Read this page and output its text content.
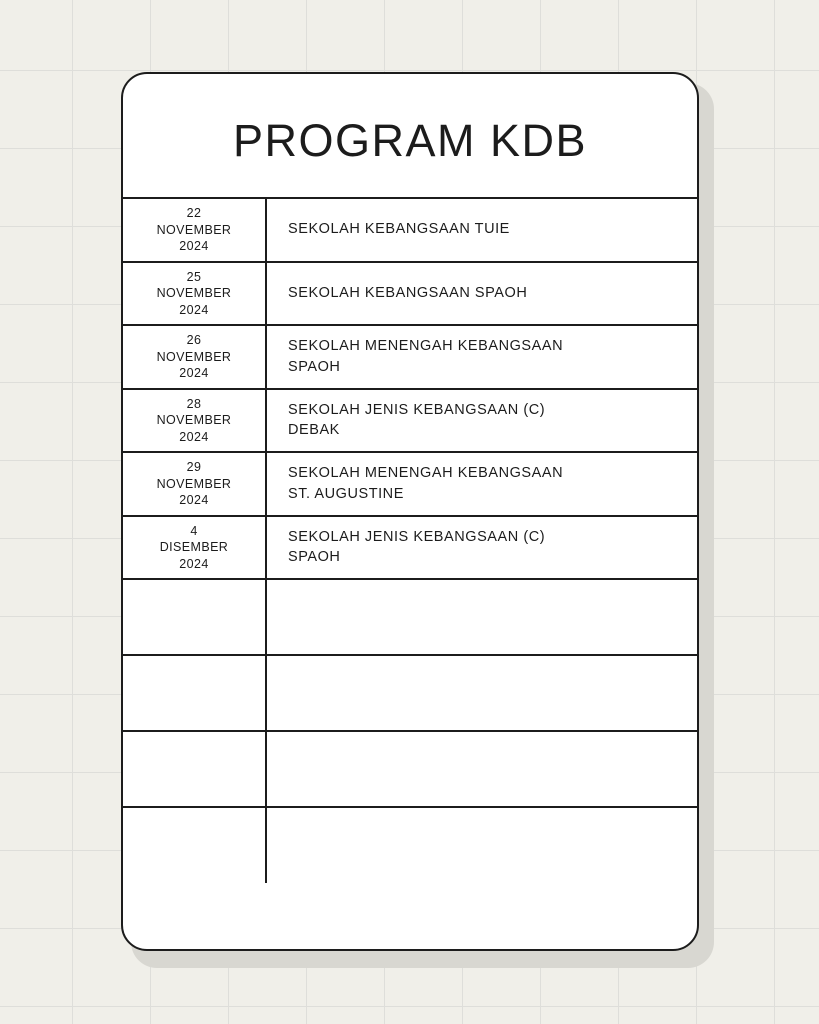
PROGRAM KDB
22
NOVEMBER
2024	SEKOLAH KEBANGSAAN TUIE

25
NOVEMBER
2024	SEKOLAH KEBANGSAAN SPAOH

26
NOVEMBER
2024	SEKOLAH MENENGAH KEBANGSAAN
SPAOH

28
NOVEMBER
2024	SEKOLAH JENIS KEBANGSAAN (C)
DEBAK

29
NOVEMBER
2024	SEKOLAH MENENGAH KEBANGSAAN
ST. AUGUSTINE

4
DISEMBER
2024	SEKOLAH JENIS KEBANGSAAN (C)
SPAOH
